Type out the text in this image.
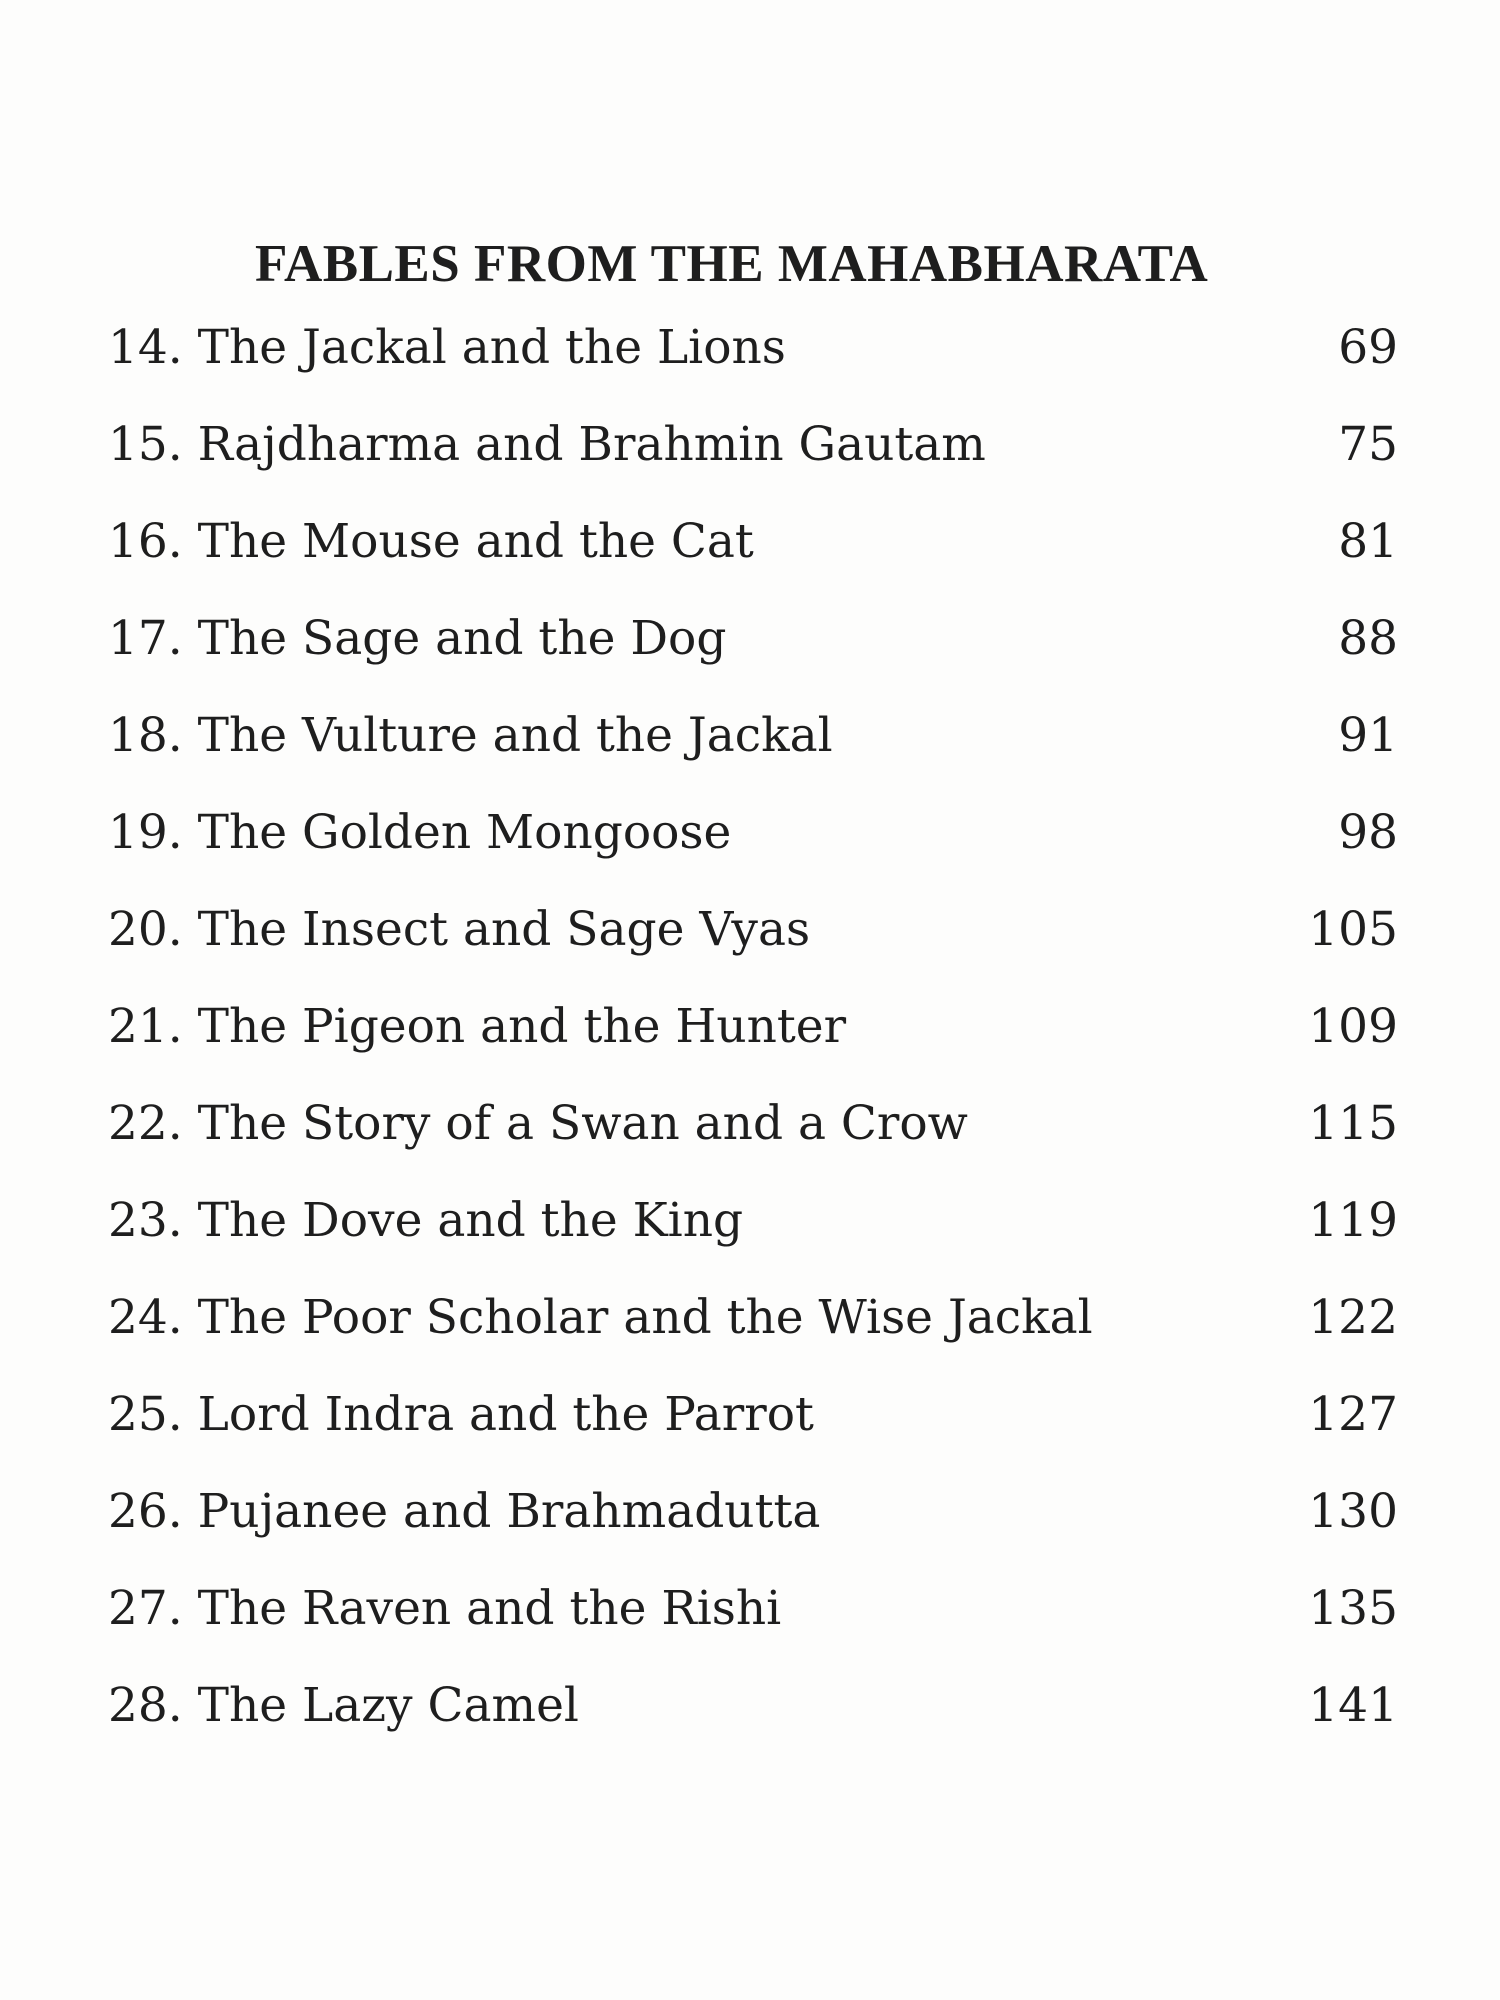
FABLES FROM THE MAHABHARATA
14. The Jackal and the Lions	69
15. Rajdharma and Brahmin Gautam	75
16. The Mouse and the Cat	81
17. The Sage and the Dog	88
18. The Vulture and the Jackal	91
19. The Golden Mongoose	98
20. The Insect and Sage Vyas	105
21. The Pigeon and the Hunter	109
22. The Story of a Swan and a Crow	115
23. The Dove and the King	119
24. The Poor Scholar and the Wise Jackal	122
25. Lord Indra and the Parrot	127
26. Pujanee and Brahmadutta	130
27. The Raven and the Rishi	135
28. The Lazy Camel	141
